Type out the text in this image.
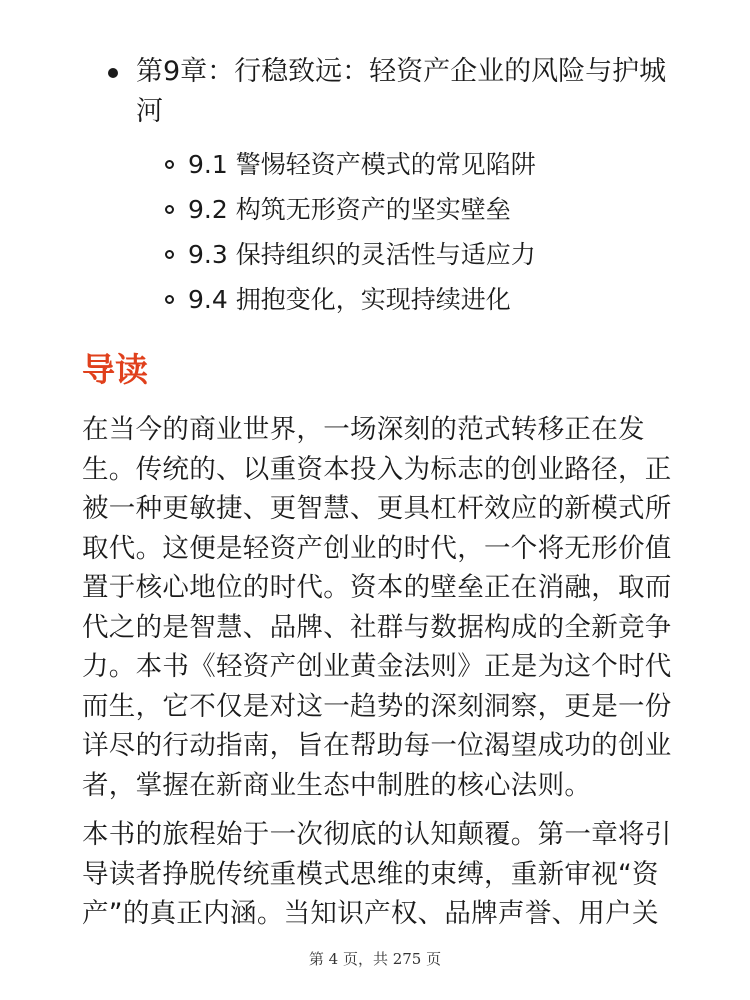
第9章：行稳致远：轻资产企业的风险与护城
河
9.1 警惕轻资产模式的常见陷阱
9.2 构筑无形资产的坚实壁垒
9.3 保持组织的灵活性与适应力
9.4 拥抱变化，实现持续进化
导读

在当今的商业世界，一场深刻的范式转移正在发
生。传统的、以重资本投入为标志的创业路径，正
被一种更敏捷、更智慧、更具杠杆效应的新模式所
取代。这便是轻资产创业的时代，一个将无形价值
置于核心地位的时代。资本的壁垒正在消融，取而
代之的是智慧、品牌、社群与数据构成的全新竞争
力。本书《轻资产创业黄金法则》正是为这个时代
而生，它不仅是对这一趋势的深刻洞察，更是一份
详尽的行动指南，旨在帮助每一位渴望成功的创业
者，掌握在新商业生态中制胜的核心法则。

本书的旅程始于一次彻底的认知颠覆。第一章将引
导读者挣脱传统重模式思维的束缚，重新审视“资
产”的真正内涵。当知识产权、品牌声誉、用户关

第 4 页，共 275 页
